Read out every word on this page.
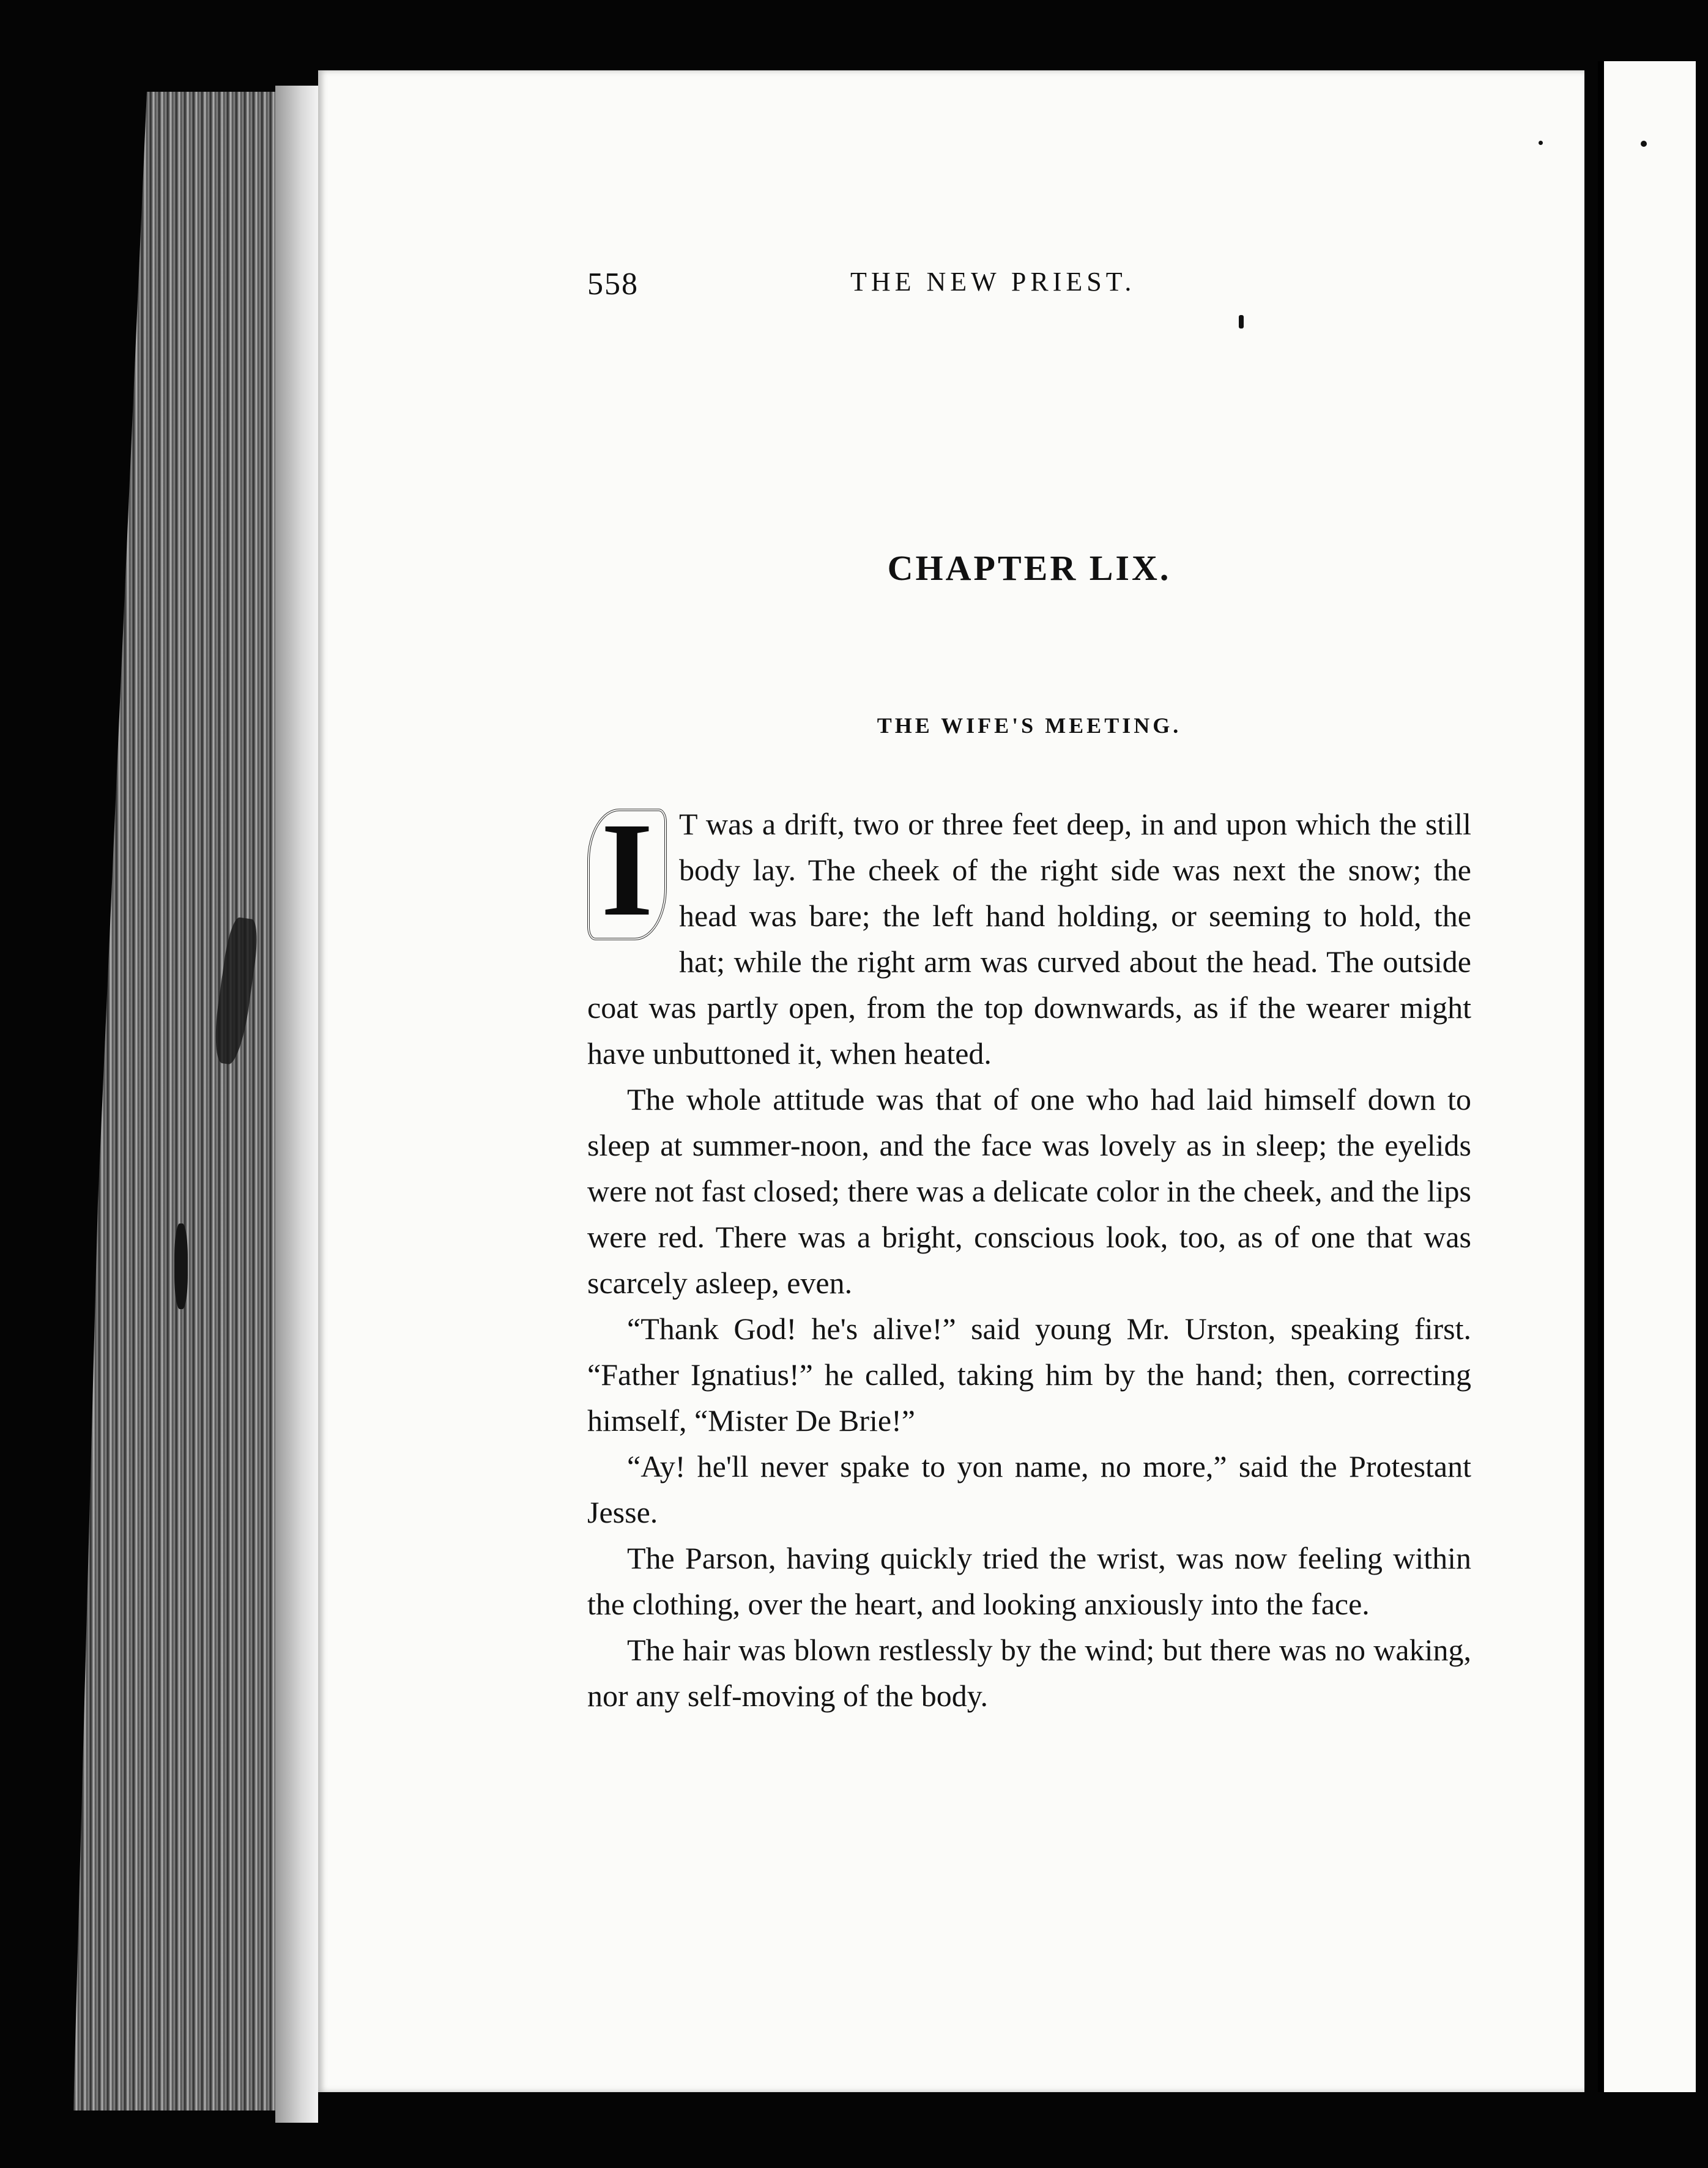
558	THE NEW PRIEST.
CHAPTER LIX.
THE WIFE'S MEETING.

I T was a drift, two or three feet deep, in and upon which the still body lay. The cheek of the right side was next the snow; the head was bare; the left hand holding, or seeming to hold, the hat; while the right arm was curved about the head. The outside coat was partly open, from the top downwards, as if the wearer might have unbuttoned it, when heated.

The whole attitude was that of one who had laid himself down to sleep at summer-noon, and the face was lovely as in sleep; the eyelids were not fast closed; there was a delicate color in the cheek, and the lips were red. There was a bright, conscious look, too, as of one that was scarcely asleep, even.

“Thank God! he's alive!” said young Mr. Urston, speaking first. “Father Ignatius!” he called, taking him by the hand; then, correcting himself, “Mister De Brie!”

“Ay! he'll never spake to yon name, no more,” said the Protestant Jesse.

The Parson, having quickly tried the wrist, was now feeling within the clothing, over the heart, and looking anxiously into the face.

The hair was blown restlessly by the wind; but there was no waking, nor any self-moving of the body.
